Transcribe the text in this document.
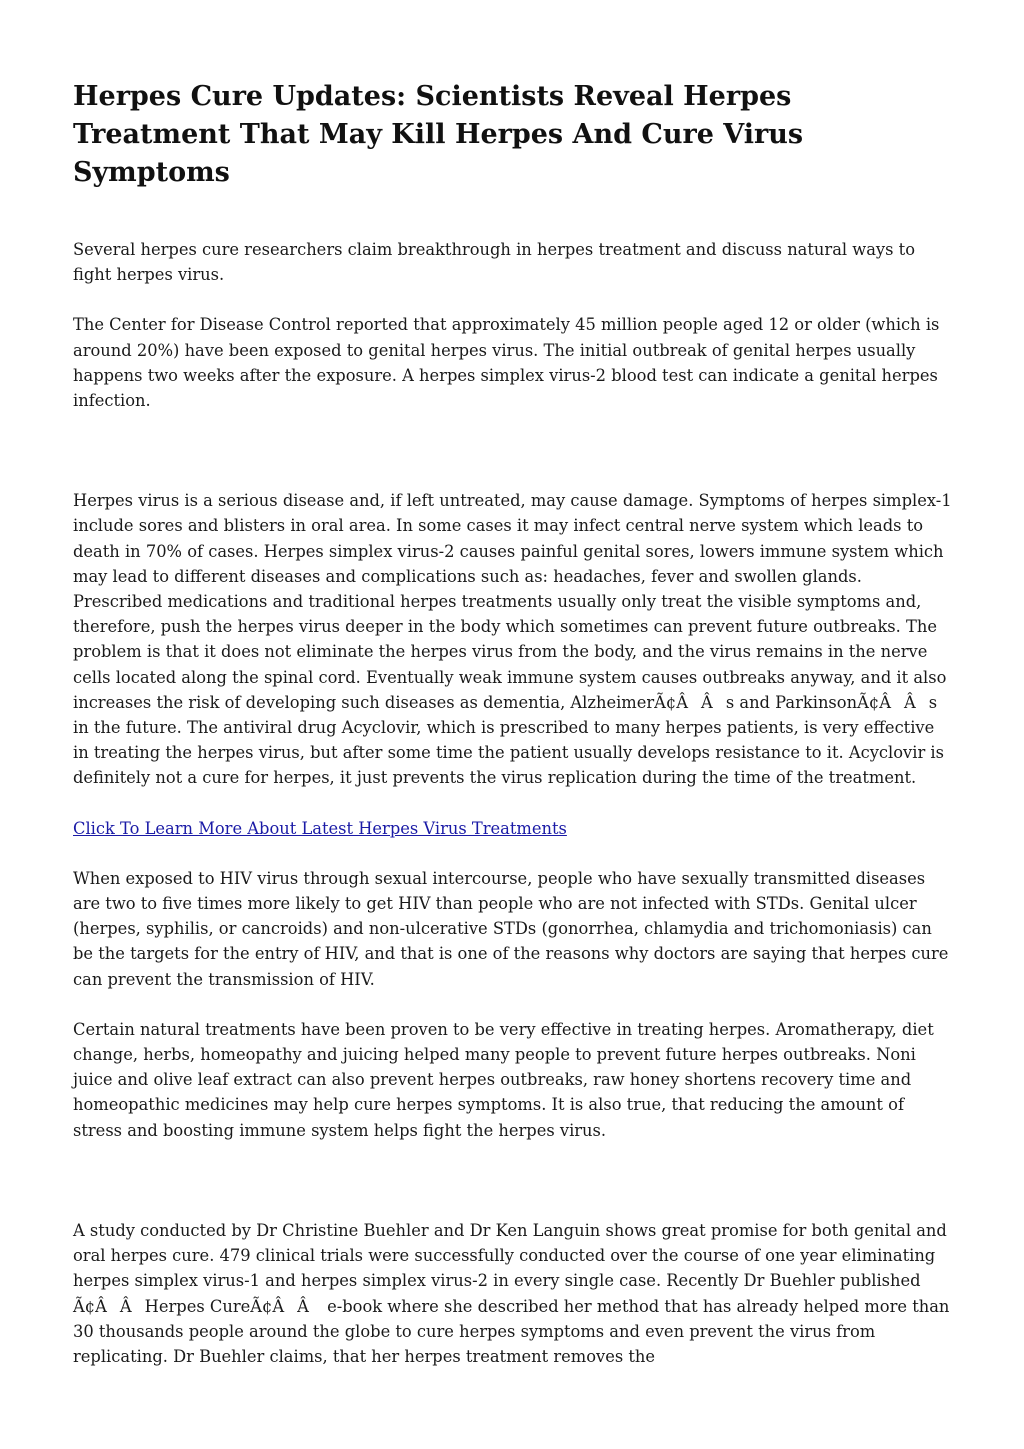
Herpes Cure Updates: Scientists Reveal Herpes Treatment That May Kill Herpes And Cure Virus Symptoms

Several herpes cure researchers claim breakthrough in herpes treatment and discuss natural ways to fight herpes virus.

The Center for Disease Control reported that approximately 45 million people aged 12 or older (which is around 20%) have been exposed to genital herpes virus. The initial outbreak of genital herpes usually happens two weeks after the exposure. A herpes simplex virus-2 blood test can indicate a genital herpes infection.

Herpes virus is a serious disease and, if left untreated, may cause damage. Symptoms of herpes simplex-1 include sores and blisters in oral area. In some cases it may infect central nerve system which leads to death in 70% of cases. Herpes simplex virus-2 causes painful genital sores, lowers immune system which may lead to different diseases and complications such as: headaches, fever and swollen glands. Prescribed medications and traditional herpes treatments usually only treat the visible symptoms and, therefore, push the herpes virus deeper in the body which sometimes can prevent future outbreaks. The problem is that it does not eliminate the herpes virus from the body, and the virus remains in the nerve cells located along the spinal cord. Eventually weak immune system causes outbreaks anyway, and it also increases the risk of developing such diseases as dementia, AlzheimerÃ¢ÂÂs and ParkinsonÃ¢ÂÂs in the future. The antiviral drug Acyclovir, which is prescribed to many herpes patients, is very effective in treating the herpes virus, but after some time the patient usually develops resistance to it. Acyclovir is definitely not a cure for herpes, it just prevents the virus replication during the time of the treatment.

Click To Learn More About Latest Herpes Virus Treatments

When exposed to HIV virus through sexual intercourse, people who have sexually transmitted diseases are two to five times more likely to get HIV than people who are not infected with STDs. Genital ulcer (herpes, syphilis, or cancroids) and non-ulcerative STDs (gonorrhea, chlamydia and trichomoniasis) can be the targets for the entry of HIV, and that is one of the reasons why doctors are saying that herpes cure can prevent the transmission of HIV.

Certain natural treatments have been proven to be very effective in treating herpes. Aromatherapy, diet change, herbs, homeopathy and juicing helped many people to prevent future herpes outbreaks. Noni juice and olive leaf extract can also prevent herpes outbreaks, raw honey shortens recovery time and homeopathic medicines may help cure herpes symptoms. It is also true, that reducing the amount of stress and boosting immune system helps fight the herpes virus.

A study conducted by Dr Christine Buehler and Dr Ken Languin shows great promise for both genital and oral herpes cure. 479 clinical trials were successfully conducted over the course of one year eliminating herpes simplex virus-1 and herpes simplex virus-2 in every single case. Recently Dr Buehler published Ã¢ÂÂHerpes CureÃ¢ÂÂ e-book where she described her method that has already helped more than 30 thousands people around the globe to cure herpes symptoms and even prevent the virus from replicating. Dr Buehler claims, that her herpes treatment removes the
